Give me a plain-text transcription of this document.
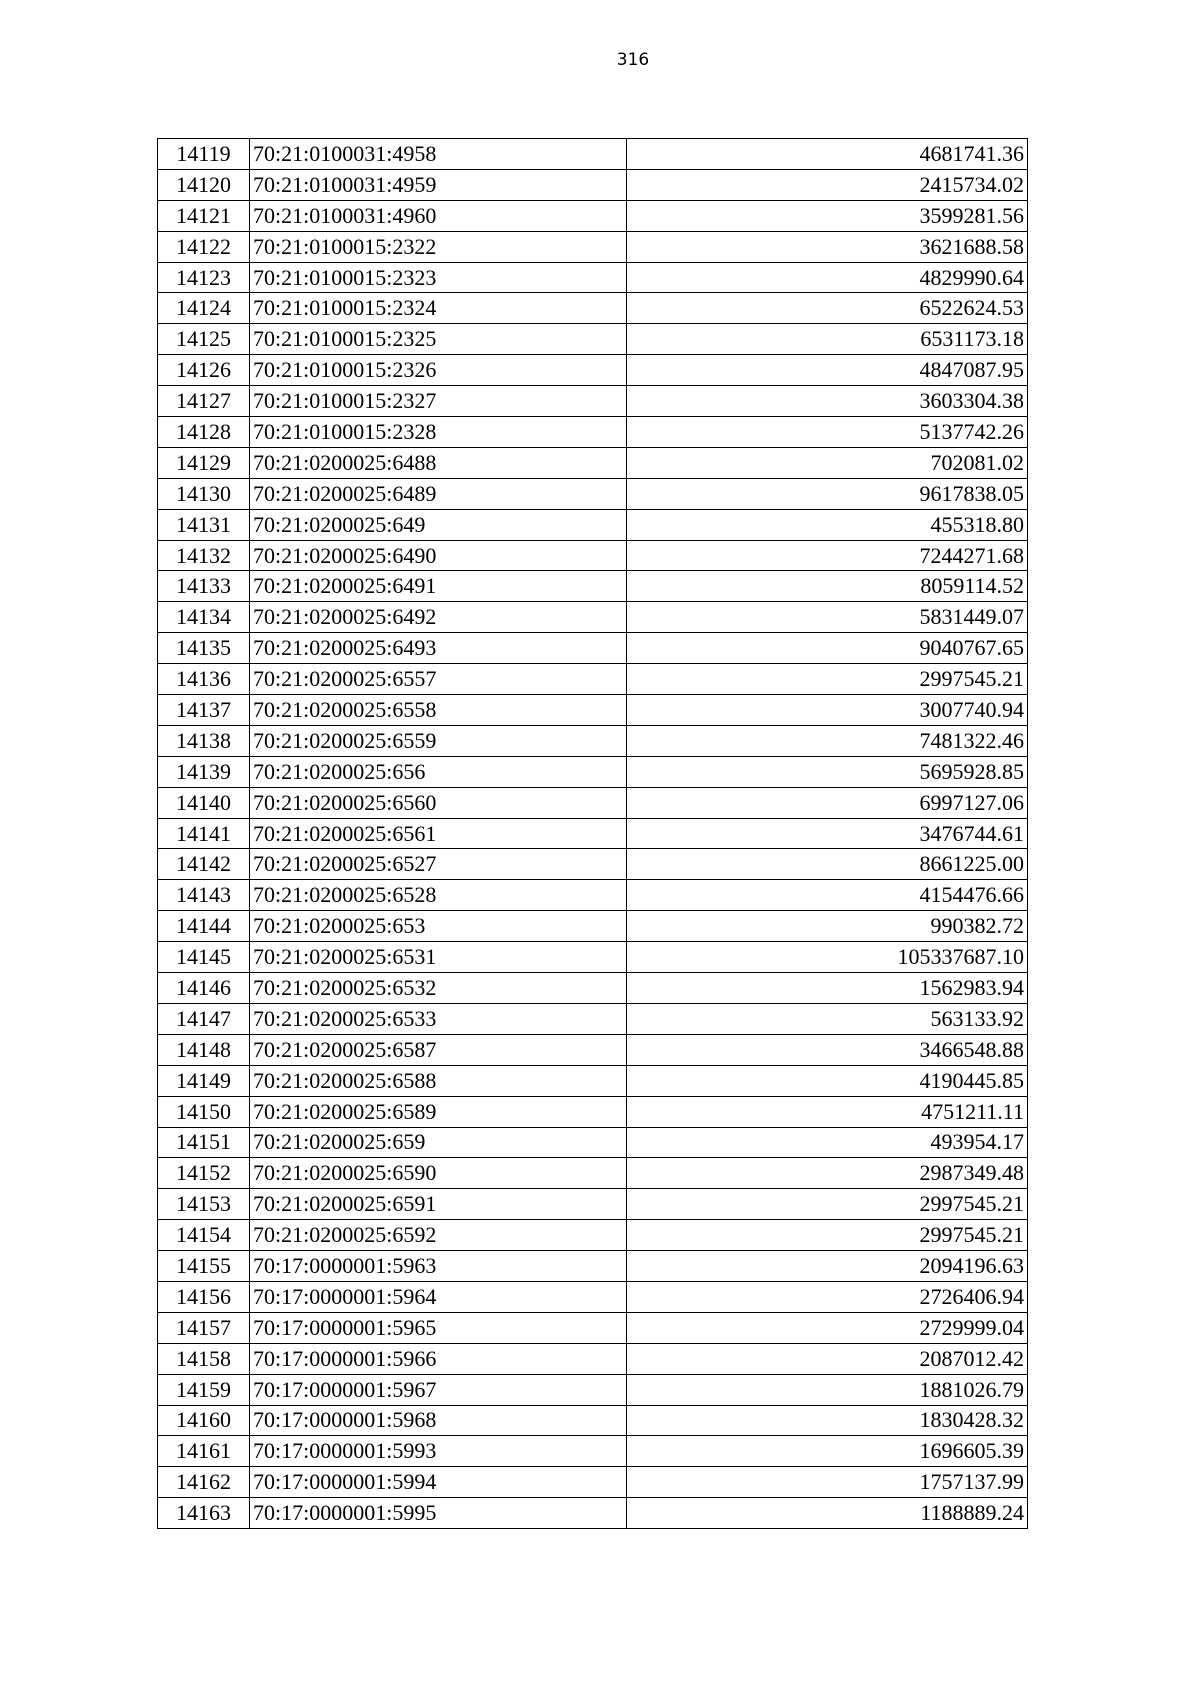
316
14119	70:21:0100031:4958	4681741.36
14120	70:21:0100031:4959	2415734.02
14121	70:21:0100031:4960	3599281.56
14122	70:21:0100015:2322	3621688.58
14123	70:21:0100015:2323	4829990.64
14124	70:21:0100015:2324	6522624.53
14125	70:21:0100015:2325	6531173.18
14126	70:21:0100015:2326	4847087.95
14127	70:21:0100015:2327	3603304.38
14128	70:21:0100015:2328	5137742.26
14129	70:21:0200025:6488	702081.02
14130	70:21:0200025:6489	9617838.05
14131	70:21:0200025:649	455318.80
14132	70:21:0200025:6490	7244271.68
14133	70:21:0200025:6491	8059114.52
14134	70:21:0200025:6492	5831449.07
14135	70:21:0200025:6493	9040767.65
14136	70:21:0200025:6557	2997545.21
14137	70:21:0200025:6558	3007740.94
14138	70:21:0200025:6559	7481322.46
14139	70:21:0200025:656	5695928.85
14140	70:21:0200025:6560	6997127.06
14141	70:21:0200025:6561	3476744.61
14142	70:21:0200025:6527	8661225.00
14143	70:21:0200025:6528	4154476.66
14144	70:21:0200025:653	990382.72
14145	70:21:0200025:6531	105337687.10
14146	70:21:0200025:6532	1562983.94
14147	70:21:0200025:6533	563133.92
14148	70:21:0200025:6587	3466548.88
14149	70:21:0200025:6588	4190445.85
14150	70:21:0200025:6589	4751211.11
14151	70:21:0200025:659	493954.17
14152	70:21:0200025:6590	2987349.48
14153	70:21:0200025:6591	2997545.21
14154	70:21:0200025:6592	2997545.21
14155	70:17:0000001:5963	2094196.63
14156	70:17:0000001:5964	2726406.94
14157	70:17:0000001:5965	2729999.04
14158	70:17:0000001:5966	2087012.42
14159	70:17:0000001:5967	1881026.79
14160	70:17:0000001:5968	1830428.32
14161	70:17:0000001:5993	1696605.39
14162	70:17:0000001:5994	1757137.99
14163	70:17:0000001:5995	1188889.24
